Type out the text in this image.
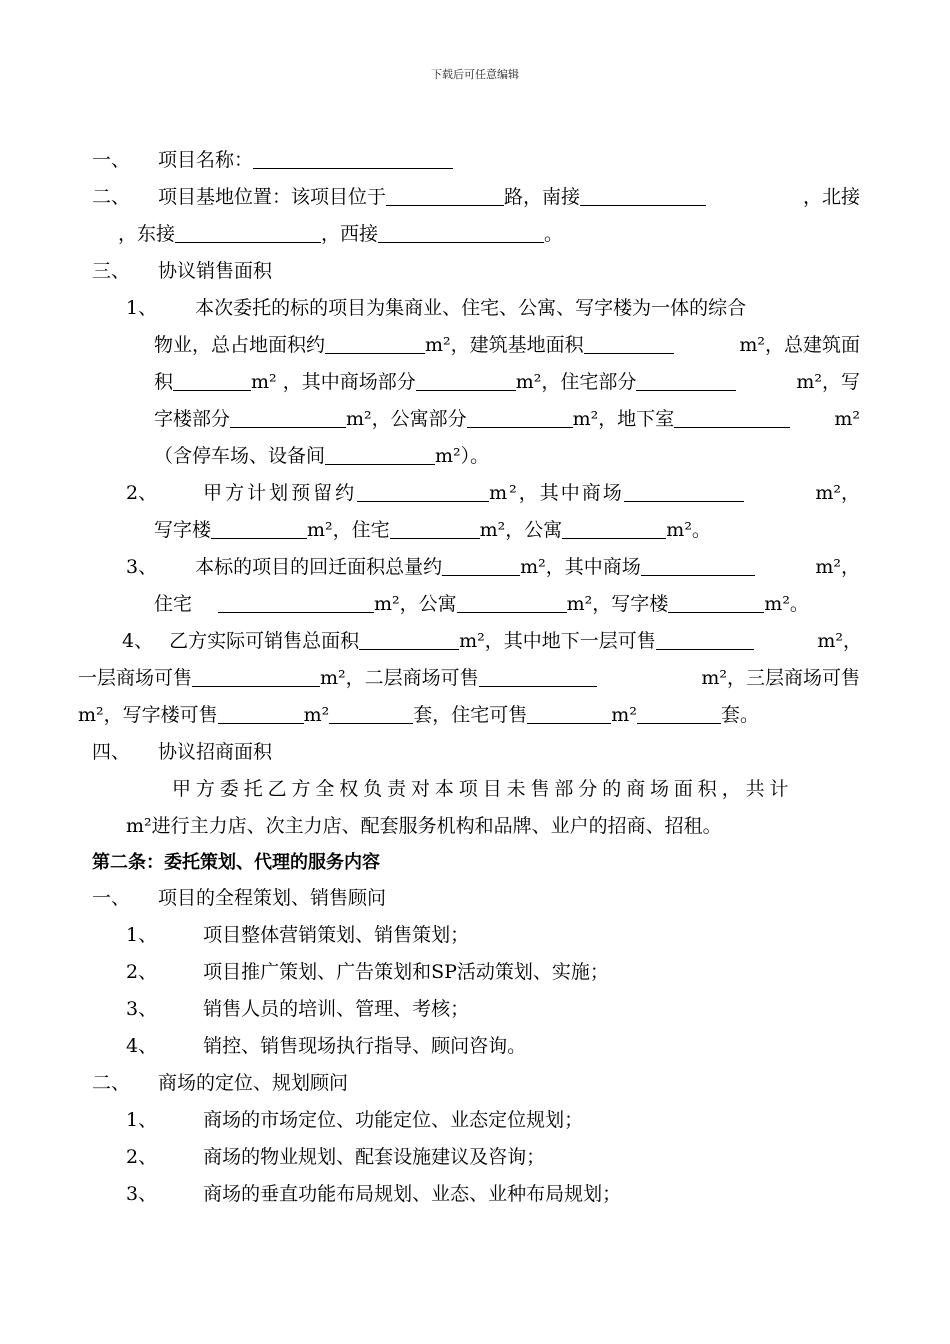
下载后可任意编辑
一、 项目名称：
二、 项目基地位置：该项目位于	路，南接	，北接
，东接	，西接	。
三、 协议销售面积
1、 本次委托的标的项目为集商业、住宅、公寓、写字楼为一体的综合
物业，总占地面积约	m²，建筑基地面积	m²，总建筑面
积	m² ，其中商场部分	m²，住宅部分	m²，写
字楼部分	m²，公寓部分	m²，地下室	m²
（含停车场、设备间	m²）。
2、 甲方计划预留约	m²，其中商场	m²，
写字楼	m²，住宅	m²，公寓	m²。
3、 本标的项目的回迁面积总量约	m²，其中商场	m²，
住宅	m²，公寓	m²，写字楼	m²。
4、 乙方实际可销售总面积	m²，其中地下一层可售	m²，
一层商场可售	m²，二层商场可售	m²，三层商场可售
m²，写字楼可售	m²	套，住宅可售	m²	套。
四、 协议招商面积
甲方委托乙方全权负责对本项目未售部分的商场面积，共计
m²进行主力店、次主力店、配套服务机构和品牌、业户的招商、招租。
第二条：委托策划、代理的服务内容
一、 项目的全程策划、销售顾问
1、 项目整体营销策划、销售策划；
2、 项目推广策划、广告策划和SP活动策划、实施；
3、 销售人员的培训、管理、考核；
4、 销控、销售现场执行指导、顾问咨询。
二、 商场的定位、规划顾问
1、 商场的市场定位、功能定位、业态定位规划；
2、 商场的物业规划、配套设施建议及咨询；
3、 商场的垂直功能布局规划、业态、业种布局规划；
